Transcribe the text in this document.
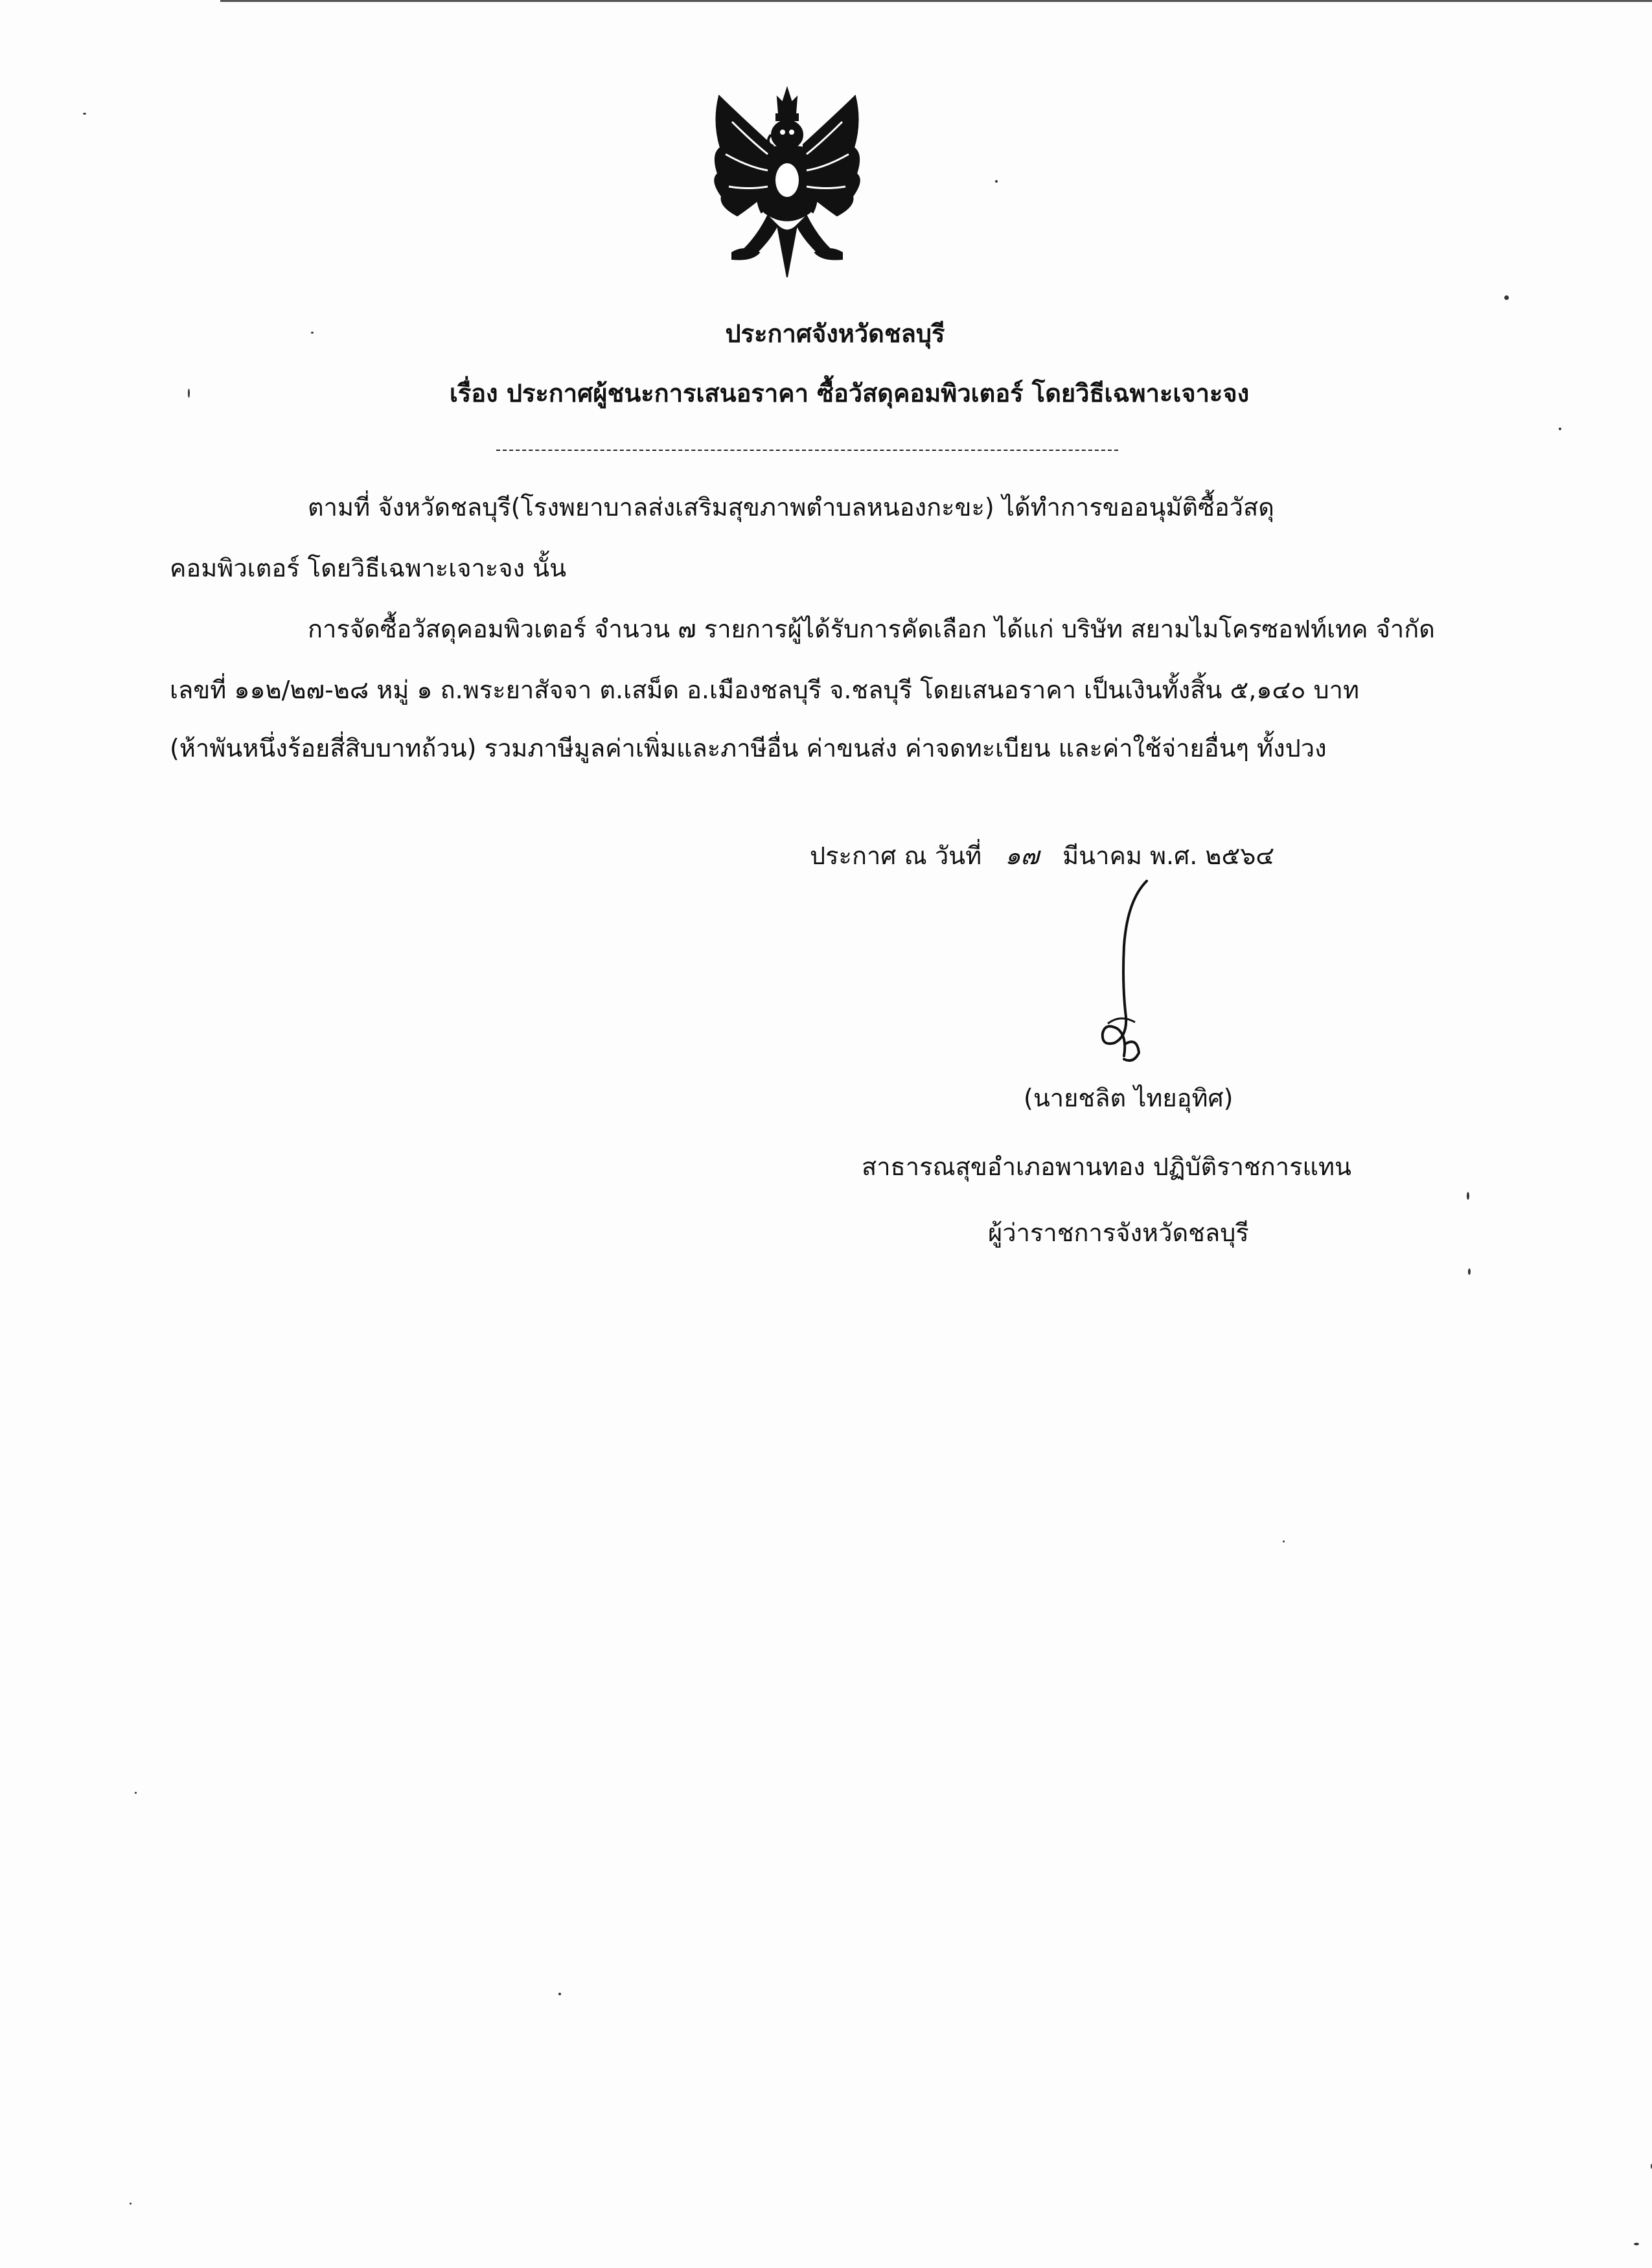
ประกาศจังหวัดชลบุรี
เรื่อง ประกาศผู้ชนะการเสนอราคา ซื้อวัสดุคอมพิวเตอร์ โดยวิธีเฉพาะเจาะจง
ตามที่ จังหวัดชลบุรี(โรงพยาบาลส่งเสริมสุขภาพตำบลหนองกะขะ) ได้ทำการขออนุมัติซื้อวัสดุ
คอมพิวเตอร์ โดยวิธีเฉพาะเจาะจง นั้น
การจัดซื้อวัสดุคอมพิวเตอร์ จำนวน ๗ รายการผู้ได้รับการคัดเลือก ได้แก่ บริษัท สยามไมโครซอฟท์เทค จำกัด
เลขที่ ๑๑๒/๒๗-๒๘ หมู่ ๑ ถ.พระยาสัจจา ต.เสม็ด อ.เมืองชลบุรี จ.ชลบุรี โดยเสนอราคา เป็นเงินทั้งสิ้น ๕,๑๔๐ บาท
(ห้าพันหนึ่งร้อยสี่สิบบาทถ้วน) รวมภาษีมูลค่าเพิ่มและภาษีอื่น ค่าขนส่ง ค่าจดทะเบียน และค่าใช้จ่ายอื่นๆ ทั้งปวง
ประกาศ ณ วันที่ ๑๗ มีนาคม พ.ศ. ๒๕๖๔
(นายชลิต ไทยอุทิศ)
สาธารณสุขอำเภอพานทอง ปฏิบัติราชการแทน
ผู้ว่าราชการจังหวัดชลบุรี
